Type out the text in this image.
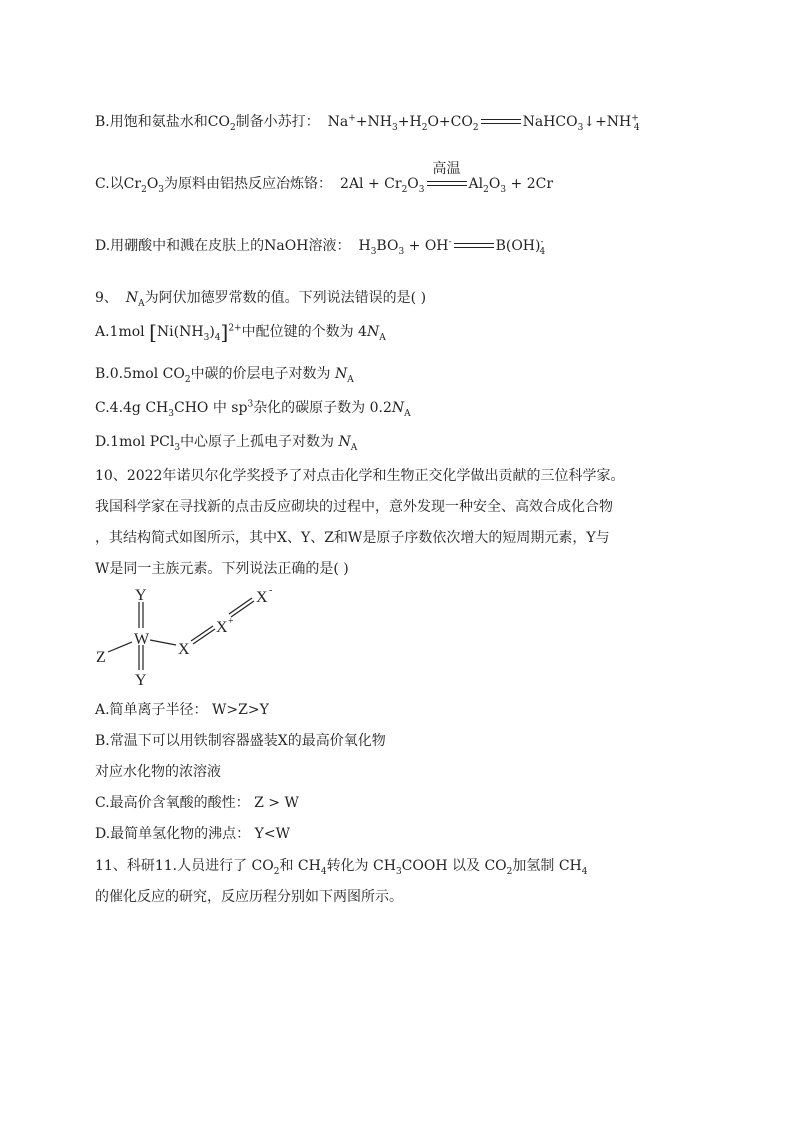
B.用饱和氨盐水和$CO_2$制备小苏打： $Na^++NH_3+H_2O+CO_2$	$NaHCO_3↓+NH^+_4$
C.以$Cr_2O_3$为原料由铝热反应冶炼铬： $2Al + Cr_2O_3$
高温
$Al_2O_3 + 2Cr$
D.用硼酸中和溅在皮肤上的NaOH溶液： $H_3BO_3 + OH^-$	$B(OH)^-_4$
9、 $N_A$为阿伏加德罗常数的值。下列说法错误的是( )
A.1mol $[Ni(NH_3)_4]^{2+}$中配位键的个数为 $4N_A$
B.0.5mol $CO_2$中碳的价层电子对数为 $N_A$
C.4.4g $CH_3CHO$ 中 $sp^3$杂化的碳原子数为 $0.2N_A$
D.1mol PCl$_3$中心原子上孤电子对数为 $N_A$
10、2022年诺贝尔化学奖授予了对点击化学和生物正交化学做出贡献的三位科学家。
我国科学家在寻找新的点击反应砌块的过程中，意外发现一种安全、高效合成化合物
，其结构简式如图所示，其中X、Y、Z和W是原子序数依次增大的短周期元素，Y与
W是同一主族元素。下列说法正确的是( )
Y
W
Y
Z	X
X +
X -
A.简单离子半径： W>Z>Y
B.常温下可以用铁制容器盛装X的最高价氧化物
对应水化物的浓溶液
C.最高价含氧酸的酸性： Z > W
D.最简单氢化物的沸点： Y<W
11、科研11.人员进行了 $CO_2$和 $CH_4$转化为 $CH_3COOH$ 以及 $CO_2$加氢制 $CH_4$
的催化反应的研究，反应历程分别如下两图所示。
